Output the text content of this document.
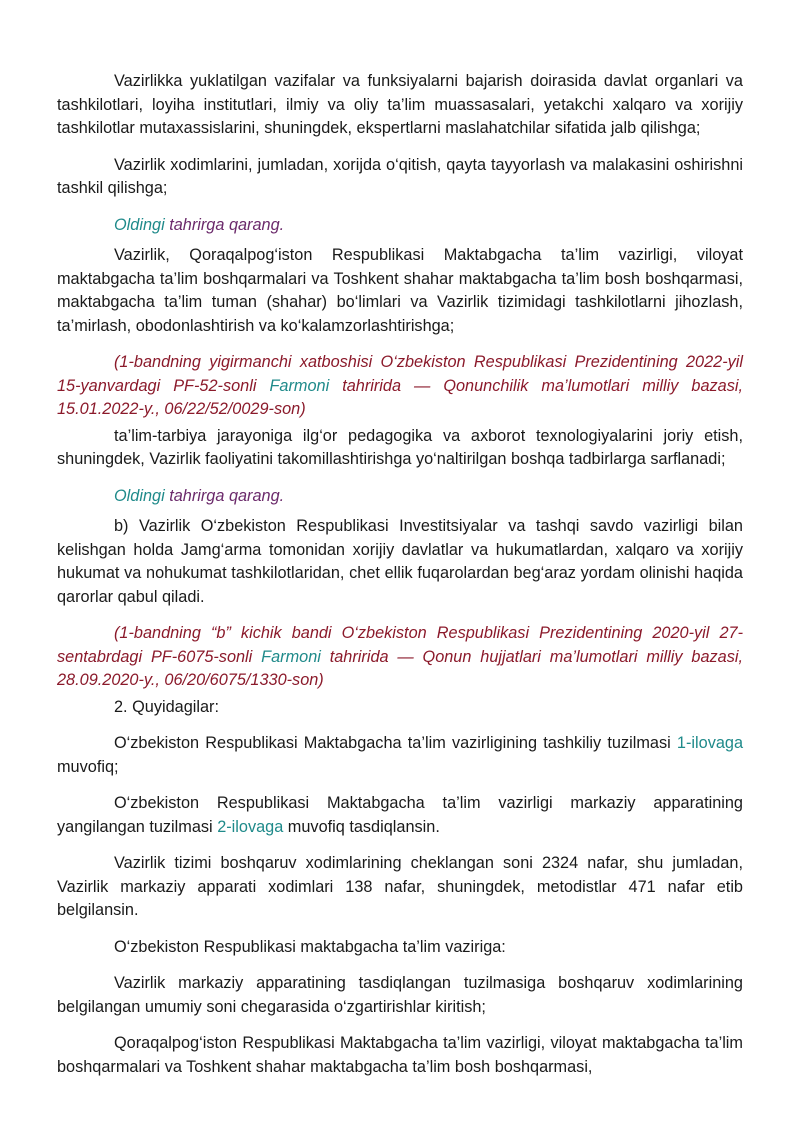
Vazirlikka yuklatilgan vazifalar va funksiyalarni bajarish doirasida davlat organlari va tashkilotlari, loyiha institutlari, ilmiy va oliy ta’lim muassasalari, yetakchi xalqaro va xorijiy tashkilotlar mutaxassislarini, shuningdek, ekspertlarni maslahatchilar sifatida jalb qilishga;

Vazirlik xodimlarini, jumladan, xorijda o‘qitish, qayta tayyorlash va malakasini oshirishni tashkil qilishga;

Oldingi tahrirga qarang.

Vazirlik, Qoraqalpog‘iston Respublikasi Maktabgacha ta’lim vazirligi, viloyat maktabgacha ta’lim boshqarmalari va Toshkent shahar maktabgacha ta’lim bosh boshqarmasi, maktabgacha ta’lim tuman (shahar) bo‘limlari va Vazirlik tizimidagi tashkilotlarni jihozlash, ta’mirlash, obodonlashtirish va ko‘kalamzorlashtirishga;

(1-bandning yigirmanchi xatboshisi O‘zbekiston Respublikasi Prezidentining 2022-yil 15-yanvardagi PF-52-sonli Farmoni tahririda — Qonunchilik ma’lumotlari milliy bazasi, 15.01.2022-y., 06/22/52/0029-son)

ta’lim-tarbiya jarayoniga ilg‘or pedagogika va axborot texnologiyalarini joriy etish, shuningdek, Vazirlik faoliyatini takomillashtirishga yo‘naltirilgan boshqa tadbirlarga sarflanadi;

Oldingi tahrirga qarang.

b) Vazirlik O‘zbekiston Respublikasi Investitsiyalar va tashqi savdo vazirligi bilan kelishgan holda Jamg‘arma tomonidan xorijiy davlatlar va hukumatlardan, xalqaro va xorijiy hukumat va nohukumat tashkilotlaridan, chet ellik fuqarolardan beg‘araz yordam olinishi haqida qarorlar qabul qiladi.

(1-bandning “b” kichik bandi O‘zbekiston Respublikasi Prezidentining 2020-yil 27-sentabrdagi PF-6075-sonli Farmoni tahririda — Qonun hujjatlari ma’lumotlari milliy bazasi, 28.09.2020-y., 06/20/6075/1330-son)

2. Quyidagilar:

O‘zbekiston Respublikasi Maktabgacha ta’lim vazirligining tashkiliy tuzilmasi 1-ilovaga muvofiq;

O‘zbekiston Respublikasi Maktabgacha ta’lim vazirligi markaziy apparatining yangilangan tuzilmasi 2-ilovaga muvofiq tasdiqlansin.

Vazirlik tizimi boshqaruv xodimlarining cheklangan soni 2324 nafar, shu jumladan, Vazirlik markaziy apparati xodimlari 138 nafar, shuningdek, metodistlar 471 nafar etib belgilansin.

O‘zbekiston Respublikasi maktabgacha ta’lim vaziriga:

Vazirlik markaziy apparatining tasdiqlangan tuzilmasiga boshqaruv xodimlarining belgilangan umumiy soni chegarasida o‘zgartirishlar kiritish;

Qoraqalpog‘iston Respublikasi Maktabgacha ta’lim vazirligi, viloyat maktabgacha ta’lim boshqarmalari va Toshkent shahar maktabgacha ta’lim bosh boshqarmasi,
